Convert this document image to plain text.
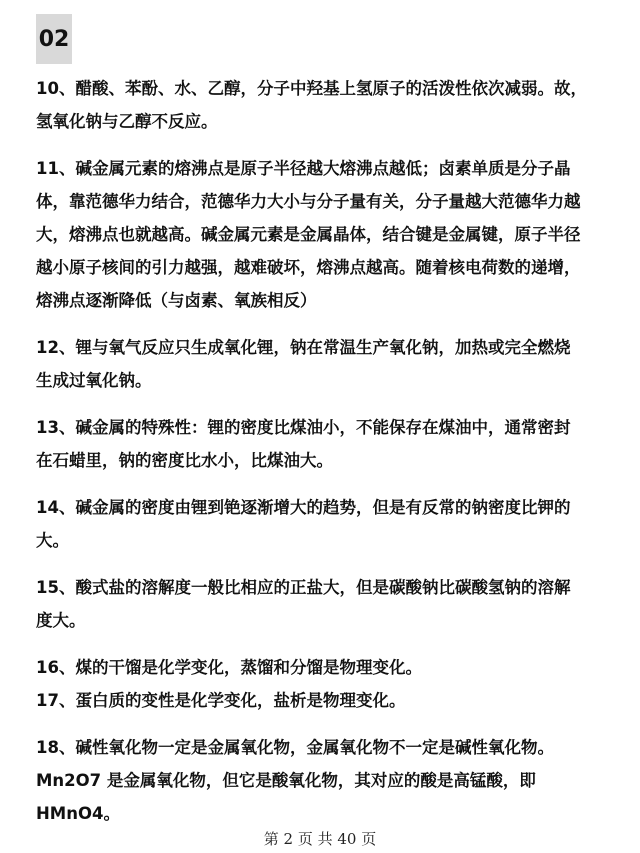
02

10、醋酸、苯酚、水、乙醇，分子中羟基上氢原子的活泼性依次减弱。故，
氢氧化钠与乙醇不反应。

11、碱金属元素的熔沸点是原子半径越大熔沸点越低；卤素单质是分子晶
体，靠范德华力结合，范德华力大小与分子量有关，分子量越大范德华力越
大，熔沸点也就越高。碱金属元素是金属晶体，结合键是金属键，原子半径
越小原子核间的引力越强，越难破坏，熔沸点越高。随着核电荷数的递增，
熔沸点逐渐降低（与卤素、氧族相反）

12、锂与氧气反应只生成氧化锂，钠在常温生产氧化钠，加热或完全燃烧
生成过氧化钠。

13、碱金属的特殊性：锂的密度比煤油小，不能保存在煤油中，通常密封
在石蜡里，钠的密度比水小，比煤油大。

14、碱金属的密度由锂到铯逐渐增大的趋势，但是有反常的钠密度比钾的
大。

15、酸式盐的溶解度一般比相应的正盐大，但是碳酸钠比碳酸氢钠的溶解
度大。

16、煤的干馏是化学变化，蒸馏和分馏是物理变化。

17、蛋白质的变性是化学变化，盐析是物理变化。

18、碱性氧化物一定是金属氧化物，金属氧化物不一定是碱性氧化物。
Mn2O7 是金属氧化物，但它是酸氧化物，其对应的酸是高锰酸，即
HMnO4。

第 2 页 共 40 页
